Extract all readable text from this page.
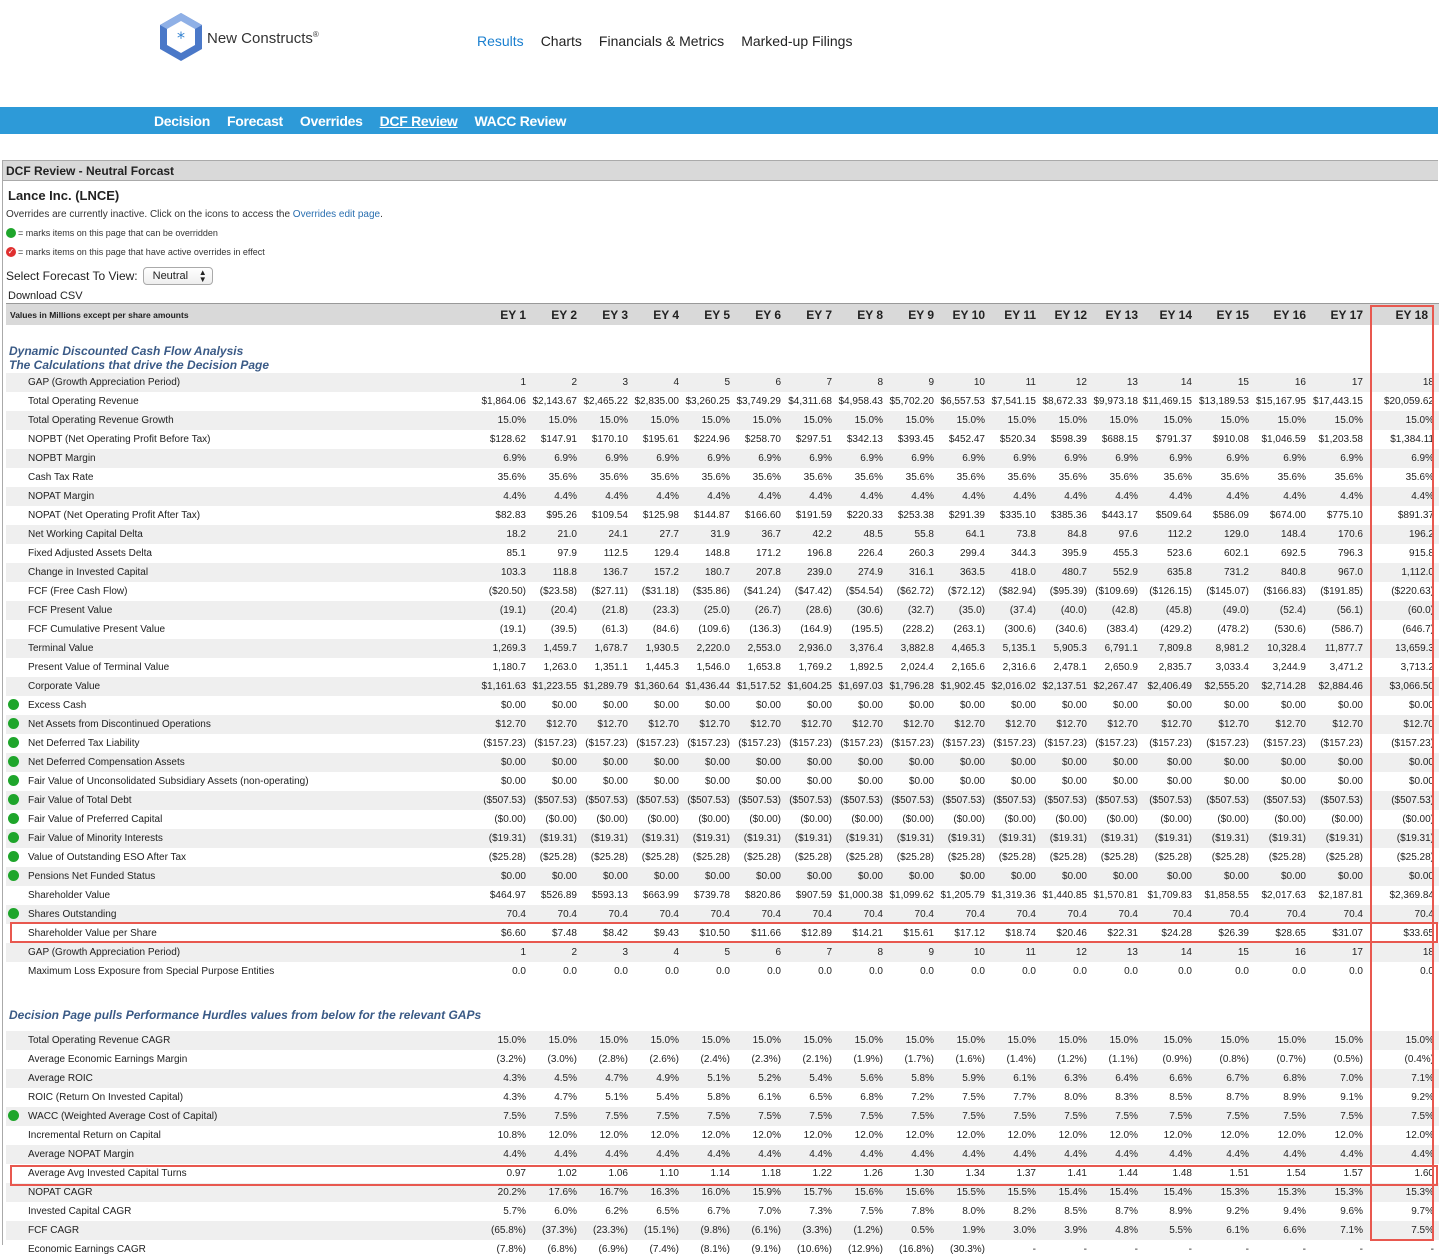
* New Constructs®	Results Charts Financials & Metrics Marked-up Filings
Decision Forecast Overrides DCF Review WACC Review
DCF Review - Neutral Forcast
Lance Inc. (LNCE)
Overrides are currently inactive. Click on the icons to access the Overrides edit page.
= marks items on this page that can be overridden
✓ = marks items on this page that have active overrides in effect
Select Forecast To View:	Neutral ▲
▼
Download CSV
Values in Millions except per share amounts	EY 1 EY 2 EY 3 EY 4 EY 5 EY 6 EY 7 EY 8 EY 9 EY 10 EY 11 EY 12 EY 13 EY 14 EY 15 EY 16 EY 17	EY 18
Dynamic Discounted Cash Flow Analysis
The Calculations that drive the Decision Page
GAP (Growth Appreciation Period)	1	2	3	4	5	6	7	8	9	10	11	12	13	14	15	16	17	18
Total Operating Revenue	$1,864.06 $2,143.67 $2,465.22 $2,835.00 $3,260.25 $3,749.29 $4,311.68 $4,958.43 $5,702.20 $6,557.53 $7,541.15 $8,672.33 $9,973.18 $11,469.15 $13,189.53 $15,167.95 $17,443.15 $20,059.62
Total Operating Revenue Growth	15.0% 15.0% 15.0% 15.0% 15.0% 15.0% 15.0% 15.0% 15.0% 15.0% 15.0% 15.0% 15.0%	15.0%	15.0%	15.0%	15.0%	15.0%
NOPBT (Net Operating Profit Before Tax)	$128.62 $147.91 $170.10 $195.61 $224.96 $258.70 $297.51 $342.13 $393.45 $452.47 $520.34 $598.39 $688.15 $791.37 $910.08 $1,046.59 $1,203.58	$1,384.11
NOPBT Margin	6.9%	6.9%	6.9%	6.9%	6.9%	6.9%	6.9%	6.9%	6.9%	6.9%	6.9%	6.9%	6.9%	6.9%	6.9%	6.9%	6.9%	6.9%
Cash Tax Rate	35.6% 35.6% 35.6% 35.6% 35.6% 35.6% 35.6% 35.6% 35.6% 35.6% 35.6% 35.6% 35.6%	35.6%	35.6%	35.6%	35.6%	35.6%
NOPAT Margin	4.4%	4.4%	4.4%	4.4%	4.4%	4.4%	4.4%	4.4%	4.4%	4.4%	4.4%	4.4%	4.4%	4.4%	4.4%	4.4%	4.4%	4.4%
NOPAT (Net Operating Profit After Tax)	$82.83 $95.26 $109.54 $125.98 $144.87 $166.60 $191.59 $220.33 $253.38 $291.39 $335.10 $385.36 $443.17 $509.64 $586.09 $674.00 $775.10	$891.37
Net Working Capital Delta	18.2	21.0	24.1	27.7	31.9	36.7	42.2	48.5	55.8	64.1	73.8	84.8	97.6	112.2	129.0	148.4	170.6	196.2
Fixed Adjusted Assets Delta	85.1	97.9	112.5	129.4	148.8	171.2	196.8	226.4	260.3	299.4	344.3	395.9	455.3	523.6	602.1	692.5	796.3	915.8
Change in Invested Capital	103.3	118.8	136.7	157.2	180.7	207.8	239.0	274.9	316.1	363.5	418.0	480.7	552.9	635.8	731.2	840.8	967.0	1,112.0
FCF (Free Cash Flow)	($20.50) ($23.58) ($27.11) ($31.18) ($35.86) ($41.24) ($47.42) ($54.54) ($62.72) ($72.12) ($82.94) ($95.39) ($109.69) ($126.15) ($145.07) ($166.83) ($191.85)	($220.63)
FCF Present Value	(19.1) (20.4) (21.8) (23.3) (25.0) (26.7) (28.6) (30.6) (32.7) (35.0) (37.4) (40.0) (42.8)	(45.8)	(49.0)	(52.4)	(56.1)	(60.0)
FCF Cumulative Present Value	(19.1) (39.5) (61.3) (84.6) (109.6) (136.3) (164.9) (195.5) (228.2) (263.1) (300.6) (340.6) (383.4) (429.2)	(478.2)	(530.6)	(586.7)	(646.7)
Terminal Value	1,269.3 1,459.7 1,678.7 1,930.5 2,220.0 2,553.0 2,936.0 3,376.4 3,882.8 4,465.3 5,135.1 5,905.3 6,791.1 7,809.8 8,981.2 10,328.4 11,877.7	13,659.3
Present Value of Terminal Value	1,180.7 1,263.0 1,351.1 1,445.3 1,546.0 1,653.8 1,769.2 1,892.5 2,024.4 2,165.6 2,316.6 2,478.1 2,650.9 2,835.7 3,033.4 3,244.9 3,471.2	3,713.2
Corporate Value	$1,161.63 $1,223.55 $1,289.79 $1,360.64 $1,436.44 $1,517.52 $1,604.25 $1,697.03 $1,796.28 $1,902.45 $2,016.02 $2,137.51 $2,267.47 $2,406.49 $2,555.20 $2,714.28 $2,884.46	$3,066.50
Excess Cash	$0.00	$0.00	$0.00	$0.00	$0.00	$0.00	$0.00	$0.00	$0.00	$0.00	$0.00	$0.00	$0.00	$0.00	$0.00	$0.00	$0.00	$0.00
Net Assets from Discontinued Operations	$12.70 $12.70 $12.70 $12.70 $12.70 $12.70 $12.70 $12.70 $12.70 $12.70 $12.70 $12.70 $12.70 $12.70	$12.70	$12.70	$12.70	$12.70
Net Deferred Tax Liability	($157.23) ($157.23) ($157.23) ($157.23) ($157.23) ($157.23) ($157.23) ($157.23) ($157.23) ($157.23) ($157.23) ($157.23) ($157.23) ($157.23) ($157.23) ($157.23) ($157.23)	($157.23)
Net Deferred Compensation Assets	$0.00	$0.00	$0.00	$0.00	$0.00	$0.00	$0.00	$0.00	$0.00	$0.00	$0.00	$0.00	$0.00	$0.00	$0.00	$0.00	$0.00	$0.00
Fair Value of Unconsolidated Subsidiary Assets (non-operating)	$0.00	$0.00	$0.00	$0.00	$0.00	$0.00	$0.00	$0.00	$0.00	$0.00	$0.00	$0.00	$0.00	$0.00	$0.00	$0.00	$0.00	$0.00
Fair Value of Total Debt	($507.53) ($507.53) ($507.53) ($507.53) ($507.53) ($507.53) ($507.53) ($507.53) ($507.53) ($507.53) ($507.53) ($507.53) ($507.53) ($507.53) ($507.53) ($507.53) ($507.53)	($507.53)
Fair Value of Preferred Capital	($0.00) ($0.00) ($0.00) ($0.00) ($0.00) ($0.00) ($0.00) ($0.00) ($0.00) ($0.00) ($0.00) ($0.00) ($0.00) ($0.00)	($0.00)	($0.00)	($0.00)	($0.00)
Fair Value of Minority Interests	($19.31) ($19.31) ($19.31) ($19.31) ($19.31) ($19.31) ($19.31) ($19.31) ($19.31) ($19.31) ($19.31) ($19.31) ($19.31) ($19.31) ($19.31) ($19.31) ($19.31)	($19.31)
Value of Outstanding ESO After Tax	($25.28) ($25.28) ($25.28) ($25.28) ($25.28) ($25.28) ($25.28) ($25.28) ($25.28) ($25.28) ($25.28) ($25.28) ($25.28) ($25.28) ($25.28) ($25.28) ($25.28)	($25.28)
Pensions Net Funded Status	$0.00	$0.00	$0.00	$0.00	$0.00	$0.00	$0.00	$0.00	$0.00	$0.00	$0.00	$0.00	$0.00	$0.00	$0.00	$0.00	$0.00	$0.00
Shareholder Value	$464.97 $526.89 $593.13 $663.99 $739.78 $820.86 $907.59 $1,000.38 $1,099.62 $1,205.79 $1,319.36 $1,440.85 $1,570.81 $1,709.83 $1,858.55 $2,017.63 $2,187.81	$2,369.84
Shares Outstanding	70.4	70.4	70.4	70.4	70.4	70.4	70.4	70.4	70.4	70.4	70.4	70.4	70.4	70.4	70.4	70.4	70.4	70.4
Shareholder Value per Share	$6.60	$7.48	$8.42	$9.43 $10.50 $11.66 $12.89 $14.21 $15.61 $17.12 $18.74 $20.46 $22.31 $24.28	$26.39	$28.65	$31.07	$33.65
GAP (Growth Appreciation Period)	1	2	3	4	5	6	7	8	9	10	11	12	13	14	15	16	17	18
Maximum Loss Exposure from Special Purpose Entities	0.0	0.0	0.0	0.0	0.0	0.0	0.0	0.0	0.0	0.0	0.0	0.0	0.0	0.0	0.0	0.0	0.0	0.0
Decision Page pulls Performance Hurdles values from below for the relevant GAPs
Total Operating Revenue CAGR	15.0% 15.0% 15.0% 15.0% 15.0% 15.0% 15.0% 15.0% 15.0% 15.0% 15.0% 15.0% 15.0%	15.0%	15.0%	15.0%	15.0%	15.0%
Average Economic Earnings Margin	(3.2%) (3.0%) (2.8%) (2.6%) (2.4%) (2.3%) (2.1%) (1.9%) (1.7%) (1.6%) (1.4%) (1.2%) (1.1%) (0.9%)	(0.8%)	(0.7%)	(0.5%)	(0.4%)
Average ROIC	4.3%	4.5%	4.7%	4.9%	5.1%	5.2%	5.4%	5.6%	5.8%	5.9%	6.1%	6.3%	6.4%	6.6%	6.7%	6.8%	7.0%	7.1%
ROIC (Return On Invested Capital)	4.3%	4.7%	5.1%	5.4%	5.8%	6.1%	6.5%	6.8%	7.2%	7.5%	7.7%	8.0%	8.3%	8.5%	8.7%	8.9%	9.1%	9.2%
WACC (Weighted Average Cost of Capital)	7.5%	7.5%	7.5%	7.5%	7.5%	7.5%	7.5%	7.5%	7.5%	7.5%	7.5%	7.5%	7.5%	7.5%	7.5%	7.5%	7.5%	7.5%
Incremental Return on Capital	10.8% 12.0% 12.0% 12.0% 12.0% 12.0% 12.0% 12.0% 12.0% 12.0% 12.0% 12.0% 12.0%	12.0%	12.0%	12.0%	12.0%	12.0%
Average NOPAT Margin	4.4%	4.4%	4.4%	4.4%	4.4%	4.4%	4.4%	4.4%	4.4%	4.4%	4.4%	4.4%	4.4%	4.4%	4.4%	4.4%	4.4%	4.4%
Average Avg Invested Capital Turns	0.97	1.02	1.06	1.10	1.14	1.18	1.22	1.26	1.30	1.34	1.37	1.41	1.44	1.48	1.51	1.54	1.57	1.60
NOPAT CAGR	20.2% 17.6% 16.7% 16.3% 16.0% 15.9% 15.7% 15.6% 15.6% 15.5% 15.5% 15.4% 15.4%	15.4%	15.3%	15.3%	15.3%	15.3%
Invested Capital CAGR	5.7%	6.0%	6.2%	6.5%	6.7%	7.0%	7.3%	7.5%	7.8%	8.0%	8.2%	8.5%	8.7%	8.9%	9.2%	9.4%	9.6%	9.7%
FCF CAGR	(65.8%) (37.3%) (23.3%) (15.1%) (9.8%) (6.1%) (3.3%) (1.2%)	0.5%	1.9%	3.0%	3.9%	4.8%	5.5%	6.1%	6.6%	7.1%	7.5%
Economic Earnings CAGR	(7.8%) (6.8%) (6.9%) (7.4%) (8.1%) (9.1%) (10.6%) (12.9%) (16.8%) (30.3%)	-	-	-	-	-	-	-	-
